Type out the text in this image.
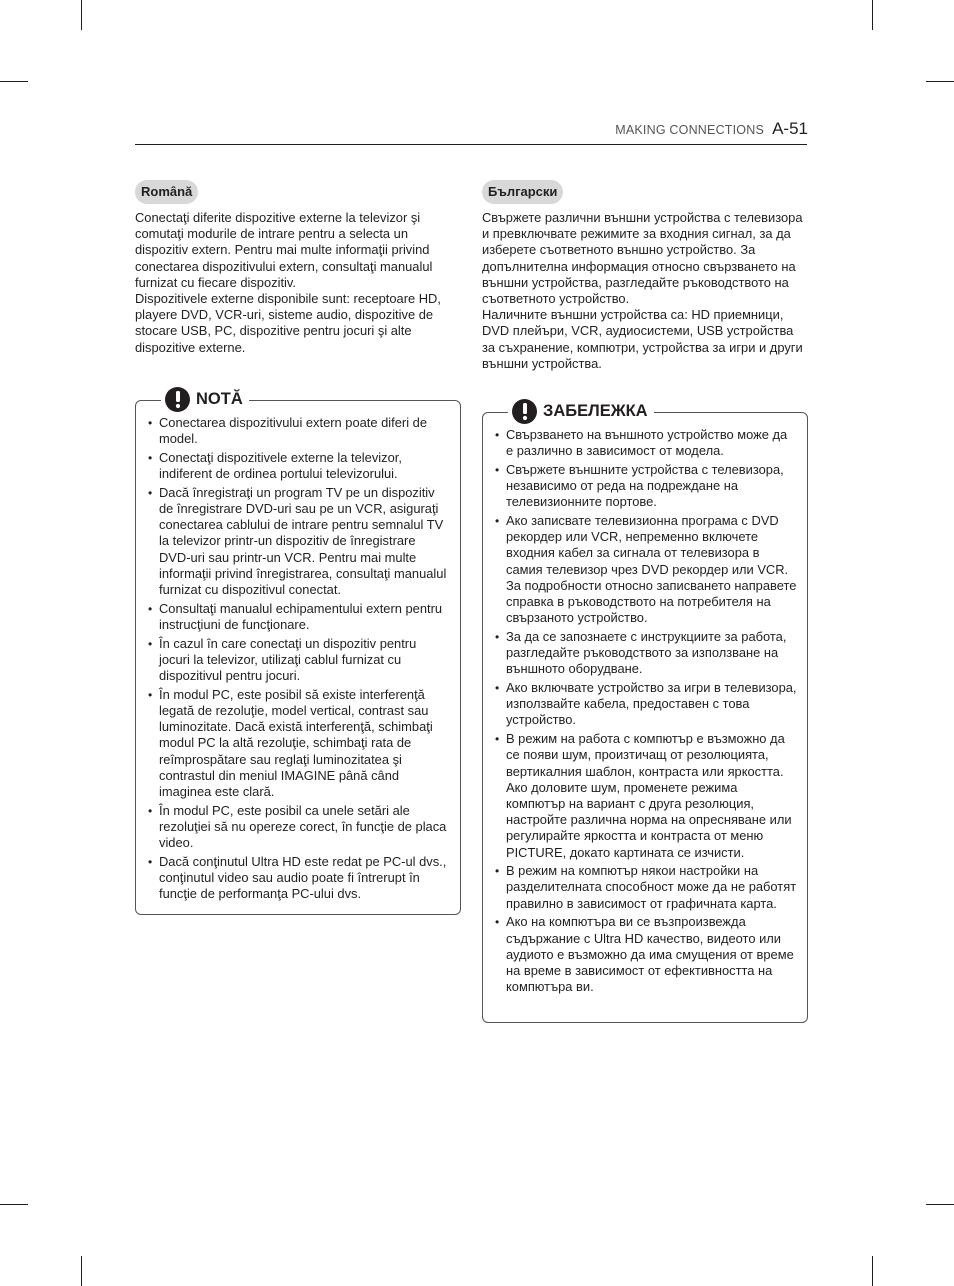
MAKING CONNECTIONS A-51
Română

Conectaţi diferite dispozitive externe la televizor şi comutaţi modurile de intrare pentru a selecta un dispozitiv extern. Pentru mai multe informaţii privind conectarea dispozitivului extern, consultaţi manualul furnizat cu fiecare dispozitiv.

Dispozitivele externe disponibile sunt: receptoare HD, playere DVD, VCR-uri, sisteme audio, dispozitive de stocare USB, PC, dispozitive pentru jocuri şi alte dispozitive externe.

NOTĂ
• Conectarea dispozitivului extern poate diferi de model.
• Conectaţi dispozitivele externe la televizor, indiferent de ordinea portului televizorului.
• Dacă înregistraţi un program TV pe un dispozitiv de înregistrare DVD-uri sau pe un VCR, asiguraţi conectarea cablului de intrare pentru semnalul TV la televizor printr-un dispozitiv de înregistrare DVD-uri sau printr-un VCR. Pentru mai multe informaţii privind înregistrarea, consultaţi manualul furnizat cu dispozitivul conectat.
• Consultaţi manualul echipamentului extern pentru instrucţiuni de funcţionare.
• În cazul în care conectaţi un dispozitiv pentru jocuri la televizor, utilizaţi cablul furnizat cu dispozitivul pentru jocuri.
• În modul PC, este posibil să existe interferenţă legată de rezoluţie, model vertical, contrast sau luminozitate. Dacă există interferenţă, schimbaţi modul PC la altă rezoluţie, schimbaţi rata de reîmprospătare sau reglaţi luminozitatea şi contrastul din meniul IMAGINE până când imaginea este clară.
• În modul PC, este posibil ca unele setări ale rezoluţiei să nu opereze corect, în funcţie de placa video.
• Dacă conţinutul Ultra HD este redat pe PC-ul dvs., conţinutul video sau audio poate fi întrerupt în funcţie de performanţa PC-ului dvs.
Български

Свържете различни външни устройства с телевизора и превключвате режимите за входния сигнал, за да изберете съответното външно устройство. За допълнителна информация относно свързването на външни устройства, разгледайте ръководството на съответното устройство.

Наличните външни устройства са: HD приемници, DVD плейъри, VCR, аудиосистеми, USB устройства за съхранение, компютри, устройства за игри и други външни устройства.

ЗАБЕЛЕЖКА
• Свързването на външното устройство може да е различно в зависимост от модела.
• Свържете външните устройства с телевизора, независимо от реда на подреждане на телевизионните портове.
• Ако записвате телевизионна програма с DVD рекордер или VCR, непременно включете входния кабел за сигнала от телевизора в самия телевизор чрез DVD рекордер или VCR. За подробности относно записването направете справка в ръководството на потребителя на свързаното устройство.
• За да се запознаете с инструкциите за работа, разгледайте ръководството за използване на външното оборудване.
• Ако включвате устройство за игри в телевизора, използвайте кабела, предоставен с това устройство.
• В режим на работа с компютър е възможно да се появи шум, произтичащ от резолюцията, вертикалния шаблон, контраста или яркостта. Ако доловите шум, променете режима компютър на вариант с друга резолюция, настройте различна норма на опресняване или регулирайте яркостта и контраста от меню PICTURE, докато картината се изчисти.
• В режим на компютър някои настройки на разделителната способност може да не работят правилно в зависимост от графичната карта.
• Ако на компютъра ви се възпроизвежда съдържание с Ultra HD качество, видеото или аудиото е възможно да има смущения от време на време в зависимост от ефективността на компютъра ви.
